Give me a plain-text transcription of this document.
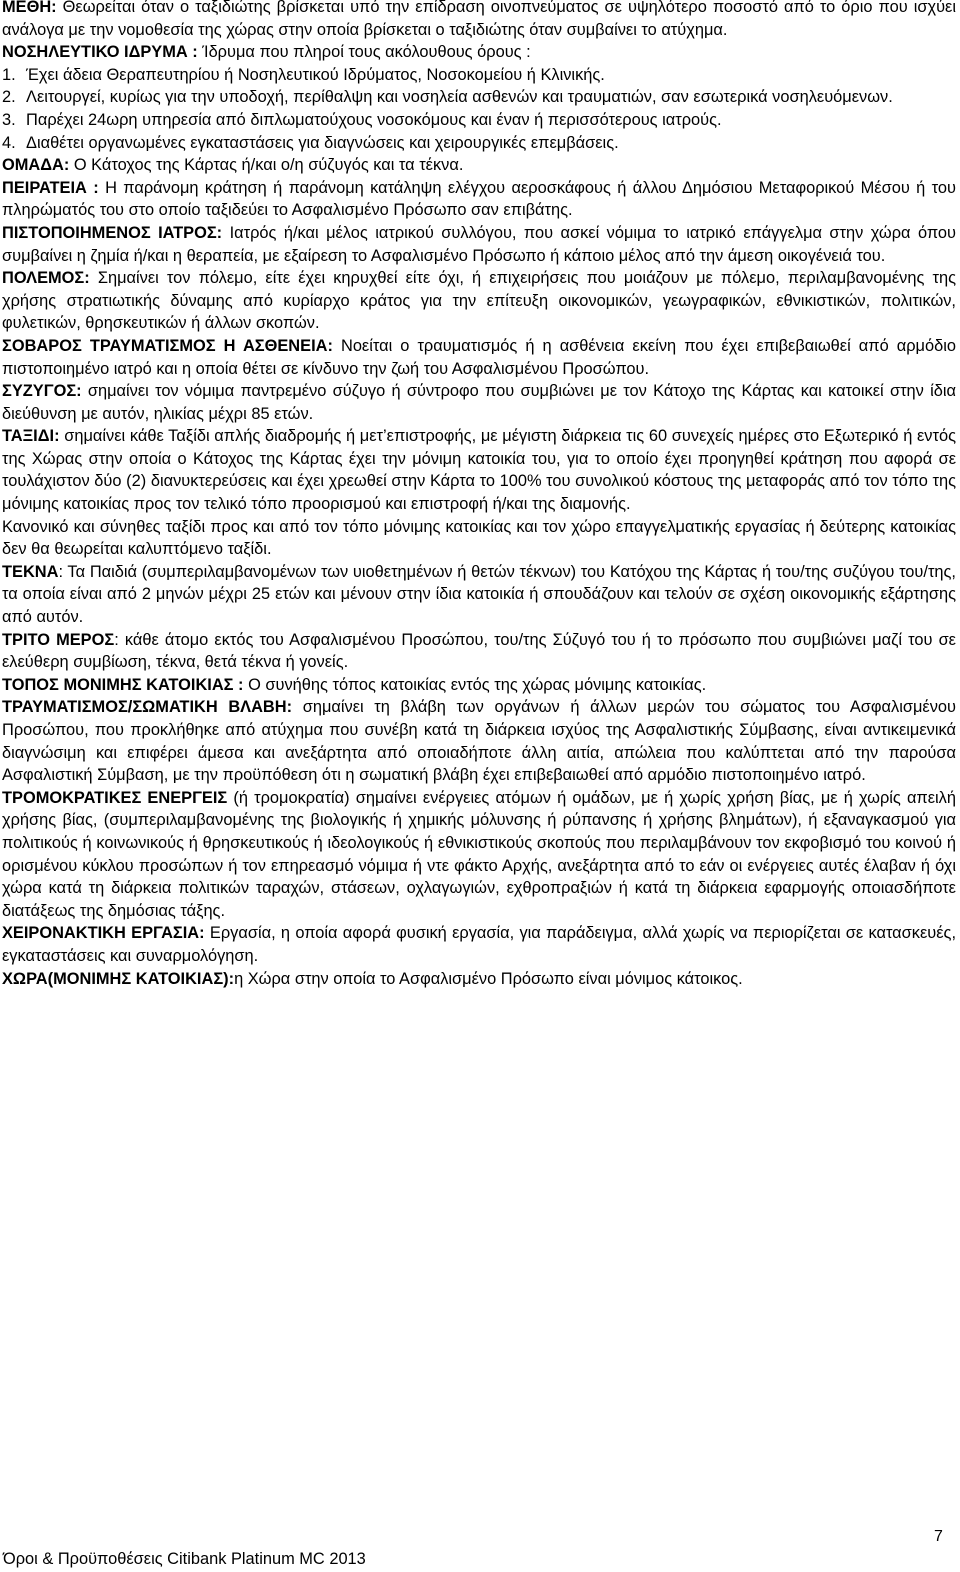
ΜΕΘΗ: Θεωρείται όταν ο ταξιδιώτης βρίσκεται υπό την επίδραση οινοπνεύματος σε υψηλότερο ποσοστό από το όριο που ισχύει ανάλογα με την νομοθεσία της χώρας στην οποία βρίσκεται ο ταξιδιώτης όταν συμβαίνει το ατύχημα.

ΝΟΣΗΛΕΥΤΙΚΟ ΙΔΡΥΜΑ : Ίδρυμα που πληροί τους ακόλουθους όρους :

1. Έχει άδεια Θεραπευτηρίου ή Νοσηλευτικού Ιδρύματος, Νοσοκομείου ή Κλινικής.

2. Λειτουργεί, κυρίως για την υποδοχή, περίθαλψη και νοσηλεία ασθενών και τραυματιών, σαν εσωτερικά νοσηλευόμενων.

3. Παρέχει 24ωρη υπηρεσία από διπλωματούχους νοσοκόμους και έναν ή περισσότερους ιατρούς.

4. Διαθέτει οργανωμένες εγκαταστάσεις για διαγνώσεις και χειρουργικές επεμβάσεις.

ΟΜΑΔΑ: Ο Κάτοχος της Κάρτας ή/και ο/η σύζυγός και τα τέκνα.

ΠΕΙΡΑΤΕΙΑ : Η παράνομη κράτηση ή παράνομη κατάληψη ελέγχου αεροσκάφους ή άλλου Δημόσιου Μεταφορικού Μέσου ή του πληρώματός του στο οποίο ταξιδεύει το Ασφαλισμένο Πρόσωπο σαν επιβάτης.

ΠΙΣΤΟΠΟΙΗΜΕΝΟΣ ΙΑΤΡΟΣ: Ιατρός ή/και μέλος ιατρικού συλλόγου, που ασκεί νόμιμα το ιατρικό επάγγελμα στην χώρα όπου συμβαίνει η ζημία ή/και η θεραπεία, με εξαίρεση το Ασφαλισμένο Πρόσωπο ή κάποιο μέλος από την άμεση οικογένειά του.

ΠΟΛΕΜΟΣ: Σημαίνει τον πόλεμο, είτε έχει κηρυχθεί είτε όχι, ή επιχειρήσεις που μοιάζουν με πόλεμο, περιλαμβανομένης της χρήσης στρατιωτικής δύναμης από κυρίαρχο κράτος για την επίτευξη οικονομικών, γεωγραφικών, εθνικιστικών, πολιτικών, φυλετικών, θρησκευτικών ή άλλων σκοπών.

ΣΟΒΑΡΟΣ ΤΡΑΥΜΑΤΙΣΜΟΣ Η ΑΣΘΕΝΕΙΑ: Νοείται ο τραυματισμός ή η ασθένεια εκείνη που έχει επιβεβαιωθεί από αρμόδιο πιστοποιημένο ιατρό και η οποία θέτει σε κίνδυνο την ζωή του Ασφαλισμένου Προσώπου.

ΣΥΖΥΓΟΣ: σημαίνει τον νόμιμα παντρεμένο σύζυγο ή σύντροφο που συμβιώνει με τον Κάτοχο της Κάρτας και κατοικεί στην ίδια διεύθυνση με αυτόν, ηλικίας μέχρι 85 ετών.

ΤΑΞΙΔΙ: σημαίνει κάθε Ταξίδι απλής διαδρομής ή μετ’επιστροφής, με μέγιστη διάρκεια τις 60 συνεχείς ημέρες στο Εξωτερικό ή εντός της Χώρας στην οποία ο Κάτοχος της Κάρτας έχει την μόνιμη κατοικία του, για το οποίο έχει προηγηθεί κράτηση που αφορά σε τουλάχιστον δύο (2) διανυκτερεύσεις και έχει χρεωθεί στην Κάρτα το 100% του συνολικού κόστους της μεταφοράς από τον τόπο της μόνιμης κατοικίας προς τον τελικό τόπο προορισμού και επιστροφή ή/και της διαμονής.

Κανονικό και σύνηθες ταξίδι προς και από τον τόπο μόνιμης κατοικίας και τον χώρο επαγγελματικής εργασίας ή δεύτερης κατοικίας δεν θα θεωρείται καλυπτόμενο ταξίδι.

ΤΕΚΝΑ: Τα Παιδιά (συμπεριλαμβανομένων των υιοθετημένων ή θετών τέκνων) του Κατόχου της Κάρτας ή του/της συζύγου του/της, τα οποία είναι από 2 μηνών μέχρι 25 ετών και μένουν στην ίδια κατοικία ή σπουδάζουν και τελούν σε σχέση οικονομικής εξάρτησης από αυτόν.

ΤΡΙΤΟ ΜΕΡΟΣ: κάθε άτομο εκτός του Ασφαλισμένου Προσώπου, του/της Σύζυγό του ή το πρόσωπο που συμβιώνει μαζί του σε ελεύθερη συμβίωση, τέκνα, θετά τέκνα ή γονείς.

ΤΟΠΟΣ ΜΟΝΙΜΗΣ ΚΑΤΟΙΚΙΑΣ : Ο συνήθης τόπος κατοικίας εντός της χώρας μόνιμης κατοικίας.

ΤΡΑΥΜΑΤΙΣΜΟΣ/ΣΩΜΑΤΙΚΗ ΒΛΑΒΗ: σημαίνει τη βλάβη των οργάνων ή άλλων μερών του σώματος του Ασφαλισμένου Προσώπου, που προκλήθηκε από ατύχημα που συνέβη κατά τη διάρκεια ισχύος της Ασφαλιστικής Σύμβασης, είναι αντικειμενικά διαγνώσιμη και επιφέρει άμεσα και ανεξάρτητα από οποιαδήποτε άλλη αιτία, απώλεια που καλύπτεται από την παρούσα Ασφαλιστική Σύμβαση, με την προϋπόθεση ότι η σωματική βλάβη έχει επιβεβαιωθεί από αρμόδιο πιστοποιημένο ιατρό.

ΤΡΟΜΟΚΡΑΤΙΚΕΣ ΕΝΕΡΓΕΙΣ (ή τρομοκρατία) σημαίνει ενέργειες ατόμων ή ομάδων, με ή χωρίς χρήση βίας, με ή χωρίς απειλή χρήσης βίας, (συμπεριλαμβανομένης της βιολογικής ή χημικής μόλυνσης ή ρύπανσης ή χρήσης βλημάτων), ή εξαναγκασμού για πολιτικούς ή κοινωνικούς ή θρησκευτικούς ή ιδεολογικούς ή εθνικιστικούς σκοπούς που περιλαμβάνουν τον εκφοβισμό του κοινού ή ορισμένου κύκλου προσώπων ή τον επηρεασμό νόμιμα ή ντε φάκτο Αρχής, ανεξάρτητα από το εάν οι ενέργειες αυτές έλαβαν ή όχι χώρα κατά τη διάρκεια πολιτικών ταραχών, στάσεων, οχλαγωγιών, εχθροπραξιών ή κατά τη διάρκεια εφαρμογής οποιασδήποτε διατάξεως της δημόσιας τάξης.

ΧΕΙΡΟΝΑΚΤΙΚΗ ΕΡΓΑΣΙΑ: Εργασία, η οποία αφορά φυσική εργασία, για παράδειγμα, αλλά χωρίς να περιορίζεται σε κατασκευές, εγκαταστάσεις και συναρμολόγηση.

ΧΩΡΑ(ΜΟΝΙΜΗΣ ΚΑΤΟΙΚΙΑΣ):η Χώρα στην οποία το Ασφαλισμένο Πρόσωπο είναι μόνιμος κάτοικος.

7
Όροι & Προϋποθέσεις Citibank Platinum MC 2013
